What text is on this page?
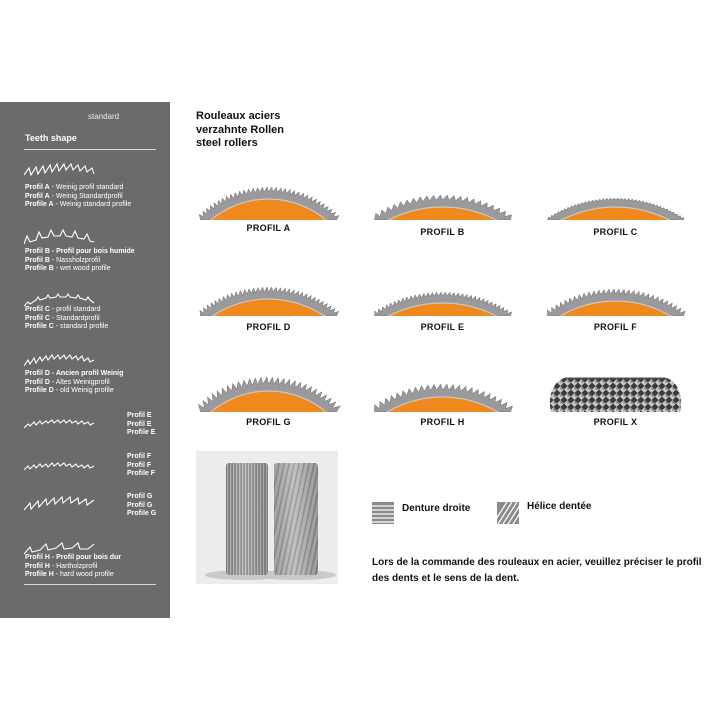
standard
Teeth shape
Profil A - Weinig profil standard
Profil A - Weinig Standardprofil
Profile A - Weinig standard profile
Profil B - Profil pour bois humide
Profil B - Nassholzprofil
Profile B - wet wood profile
Profil C - profil standard
Profil C - Standardprofil
Profile C - standard profile
Profil D - Ancien profil Weinig
Profil D - Altes Weinigprofil
Profile D - old Weinig profile
Profil E
Profil E
Profile E
Profil F
Profil F
Profile F
Profil G
Profil G
Profile G
Profil H - Profil pour bois dur
Profil H - Hartholzprofil
Profile H - hard wood profile
Rouleaux aciers
verzahnte Rollen
steel rollers
PROFIL A	PROFIL B	PROFIL C
PROFIL D	PROFIL E	PROFIL F
PROFIL G	PROFIL H	PROFIL X
Denture droite	Hélice dentée
Lors de la commande des rouleaux en acier, veuillez préciser le profil des dents et le sens de la dent.
